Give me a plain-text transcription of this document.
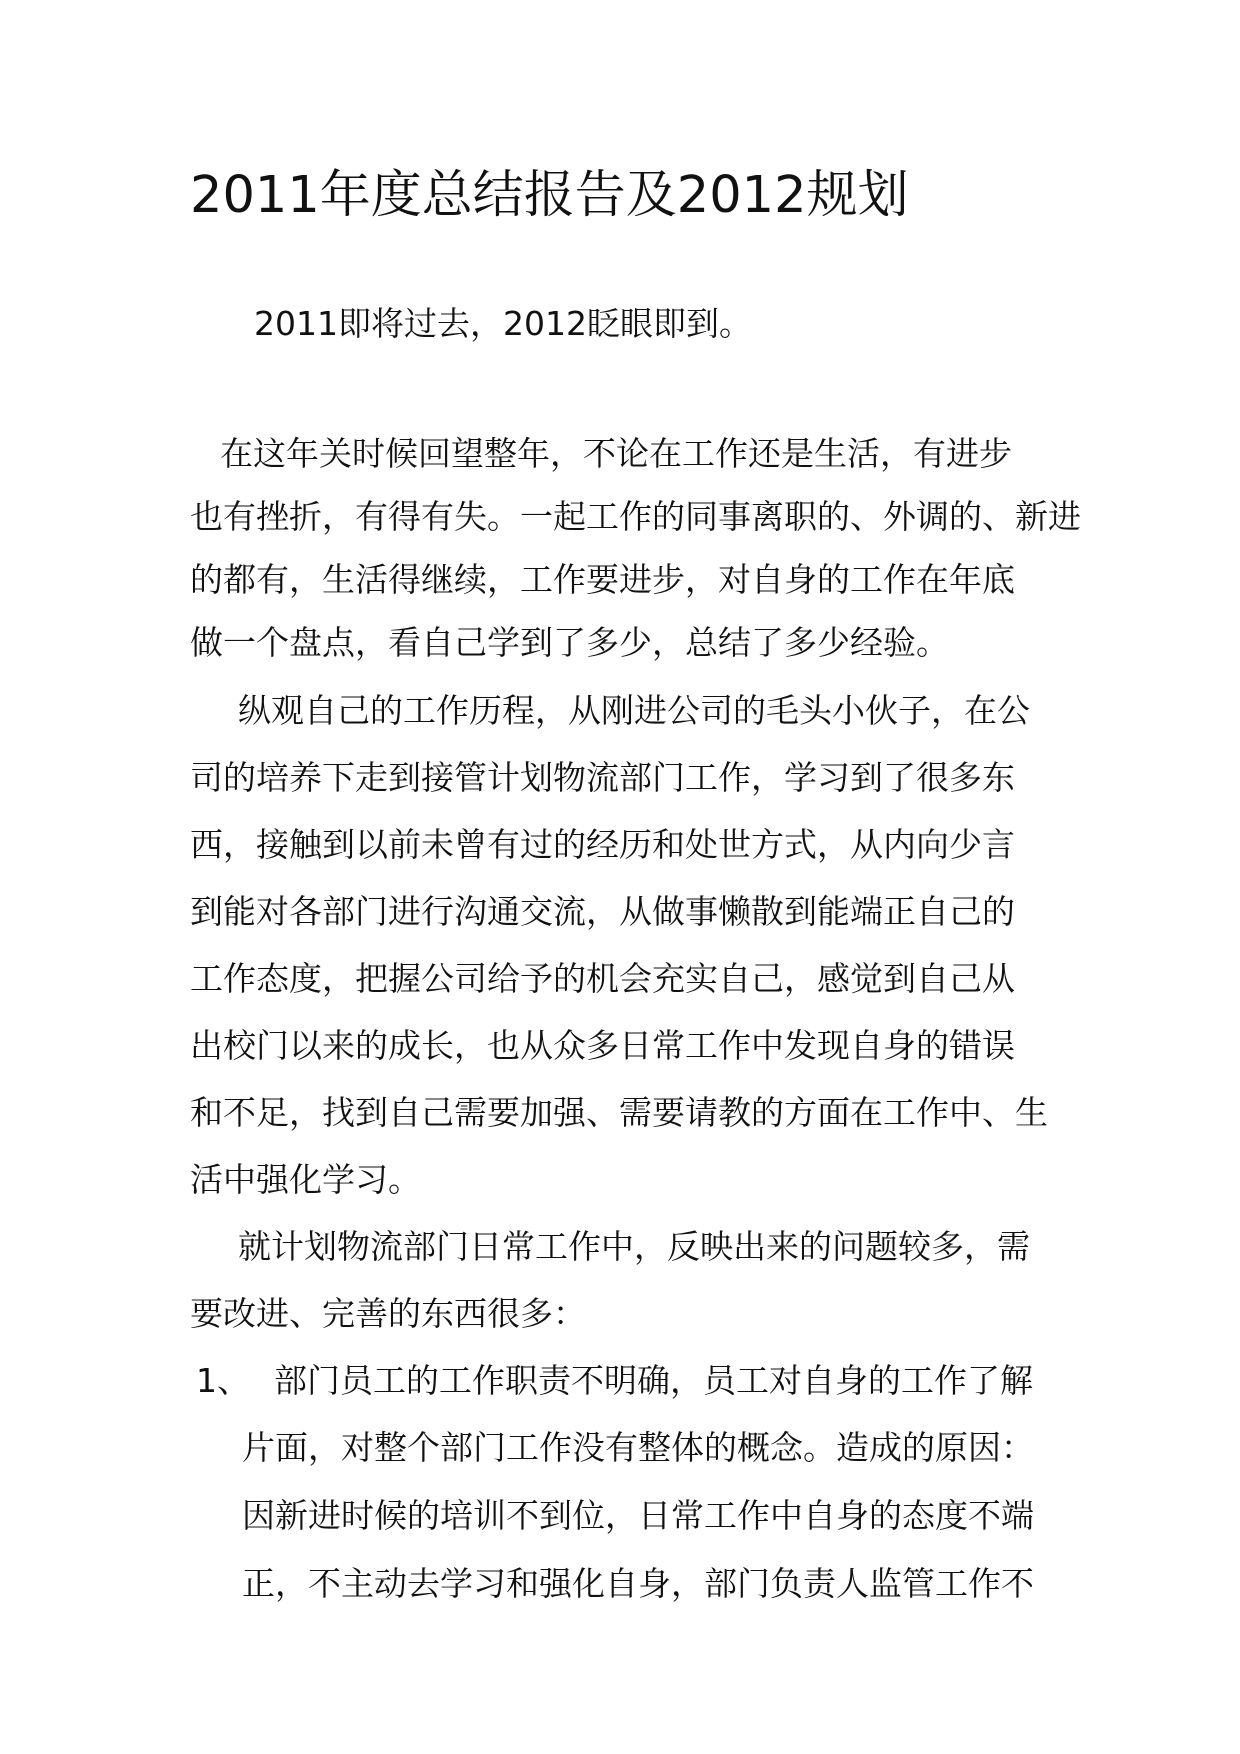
2011年度总结报告及2012规划
2011即将过去，2012眨眼即到。
在这年关时候回望整年，不论在工作还是生活，有进步
也有挫折，有得有失。一起工作的同事离职的、外调的、新进
的都有，生活得继续，工作要进步，对自身的工作在年底
做一个盘点，看自己学到了多少，总结了多少经验。
纵观自己的工作历程，从刚进公司的毛头小伙子，在公
司的培养下走到接管计划物流部门工作，学习到了很多东
西，接触到以前未曾有过的经历和处世方式，从内向少言
到能对各部门进行沟通交流，从做事懒散到能端正自己的
工作态度，把握公司给予的机会充实自己，感觉到自己从
出校门以来的成长，也从众多日常工作中发现自身的错误
和不足，找到自己需要加强、需要请教的方面在工作中、生
活中强化学习。
就计划物流部门日常工作中，反映出来的问题较多，需
要改进、完善的东西很多：
1、 部门员工的工作职责不明确，员工对自身的工作了解
片面，对整个部门工作没有整体的概念。造成的原因：
因新进时候的培训不到位，日常工作中自身的态度不端
正，不主动去学习和强化自身，部门负责人监管工作不
